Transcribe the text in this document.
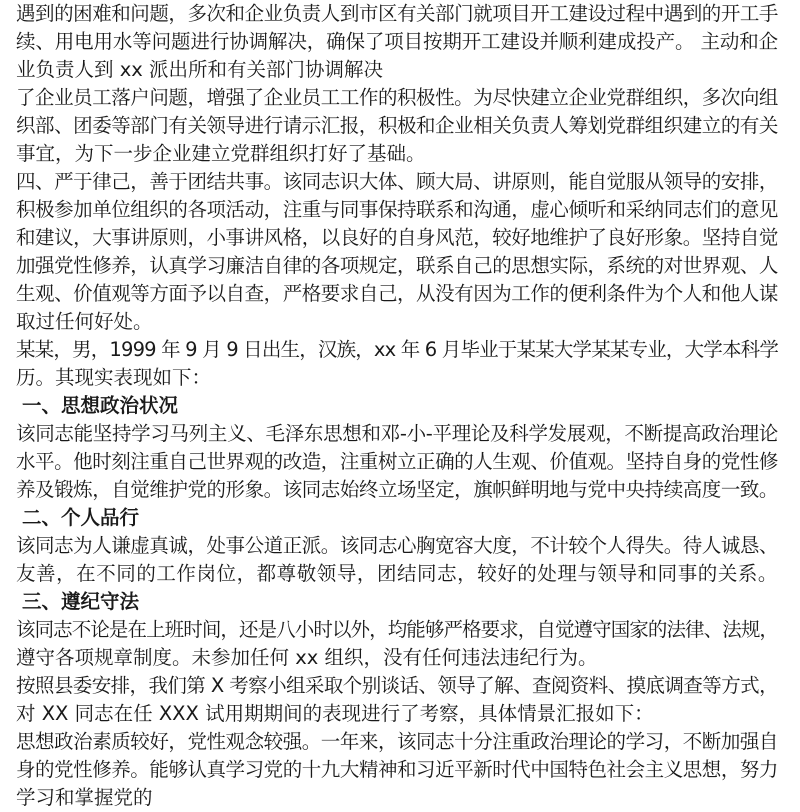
遇到的困难和问题，多次和企业负责人到市区有关部门就项目开工建设过程中遇到的开工手
续、用电用水等问题进行协调解决，确保了项目按期开工建设并顺利建成投产。 主动和企
业负责人到 xx 派出所和有关部门协调解决
了企业员工落户问题，增强了企业员工工作的积极性。为尽快建立企业党群组织，多次向组
织部、团委等部门有关领导进行请示汇报，积极和企业相关负责人筹划党群组织建立的有关
事宜，为下一步企业建立党群组织打好了基础。
四、严于律己，善于团结共事。该同志识大体、顾大局、讲原则，能自觉服从领导的安排，
积极参加单位组织的各项活动，注重与同事保持联系和沟通，虚心倾听和采纳同志们的意见
和建议，大事讲原则，小事讲风格，以良好的自身风范，较好地维护了良好形象。坚持自觉
加强党性修养，认真学习廉洁自律的各项规定，联系自己的思想实际，系统的对世界观、人
生观、价值观等方面予以自查，严格要求自己，从没有因为工作的便利条件为个人和他人谋
取过任何好处。
某某，男，1999 年 9 月 9 日出生，汉族，xx 年 6 月毕业于某某大学某某专业，大学本科学
历。其现实表现如下：
一、思想政治状况
该同志能坚持学习马列主义、毛泽东思想和邓-小-平理论及科学发展观，不断提高政治理论
水平。他时刻注重自己世界观的改造，注重树立正确的人生观、价值观。坚持自身的党性修
养及锻炼，自觉维护党的形象。该同志始终立场坚定，旗帜鲜明地与党中央持续高度一致。
二、个人品行
该同志为人谦虚真诚，处事公道正派。该同志心胸宽容大度，不计较个人得失。待人诚恳、
友善，在不同的工作岗位，都尊敬领导，团结同志，较好的处理与领导和同事的关系。
三、遵纪守法
该同志不论是在上班时间，还是八小时以外，均能够严格要求，自觉遵守国家的法律、法规，
遵守各项规章制度。未参加任何 xx 组织，没有任何违法违纪行为。
按照县委安排，我们第 X 考察小组采取个别谈话、领导了解、查阅资料、摸底调查等方式，
对 XX 同志在任 XXX 试用期期间的表现进行了考察，具体情景汇报如下：
思想政治素质较好，党性观念较强。一年来，该同志十分注重政治理论的学习，不断加强自
身的党性修养。能够认真学习党的十九大精神和习近平新时代中国特色社会主义思想，努力
学习和掌握党的
